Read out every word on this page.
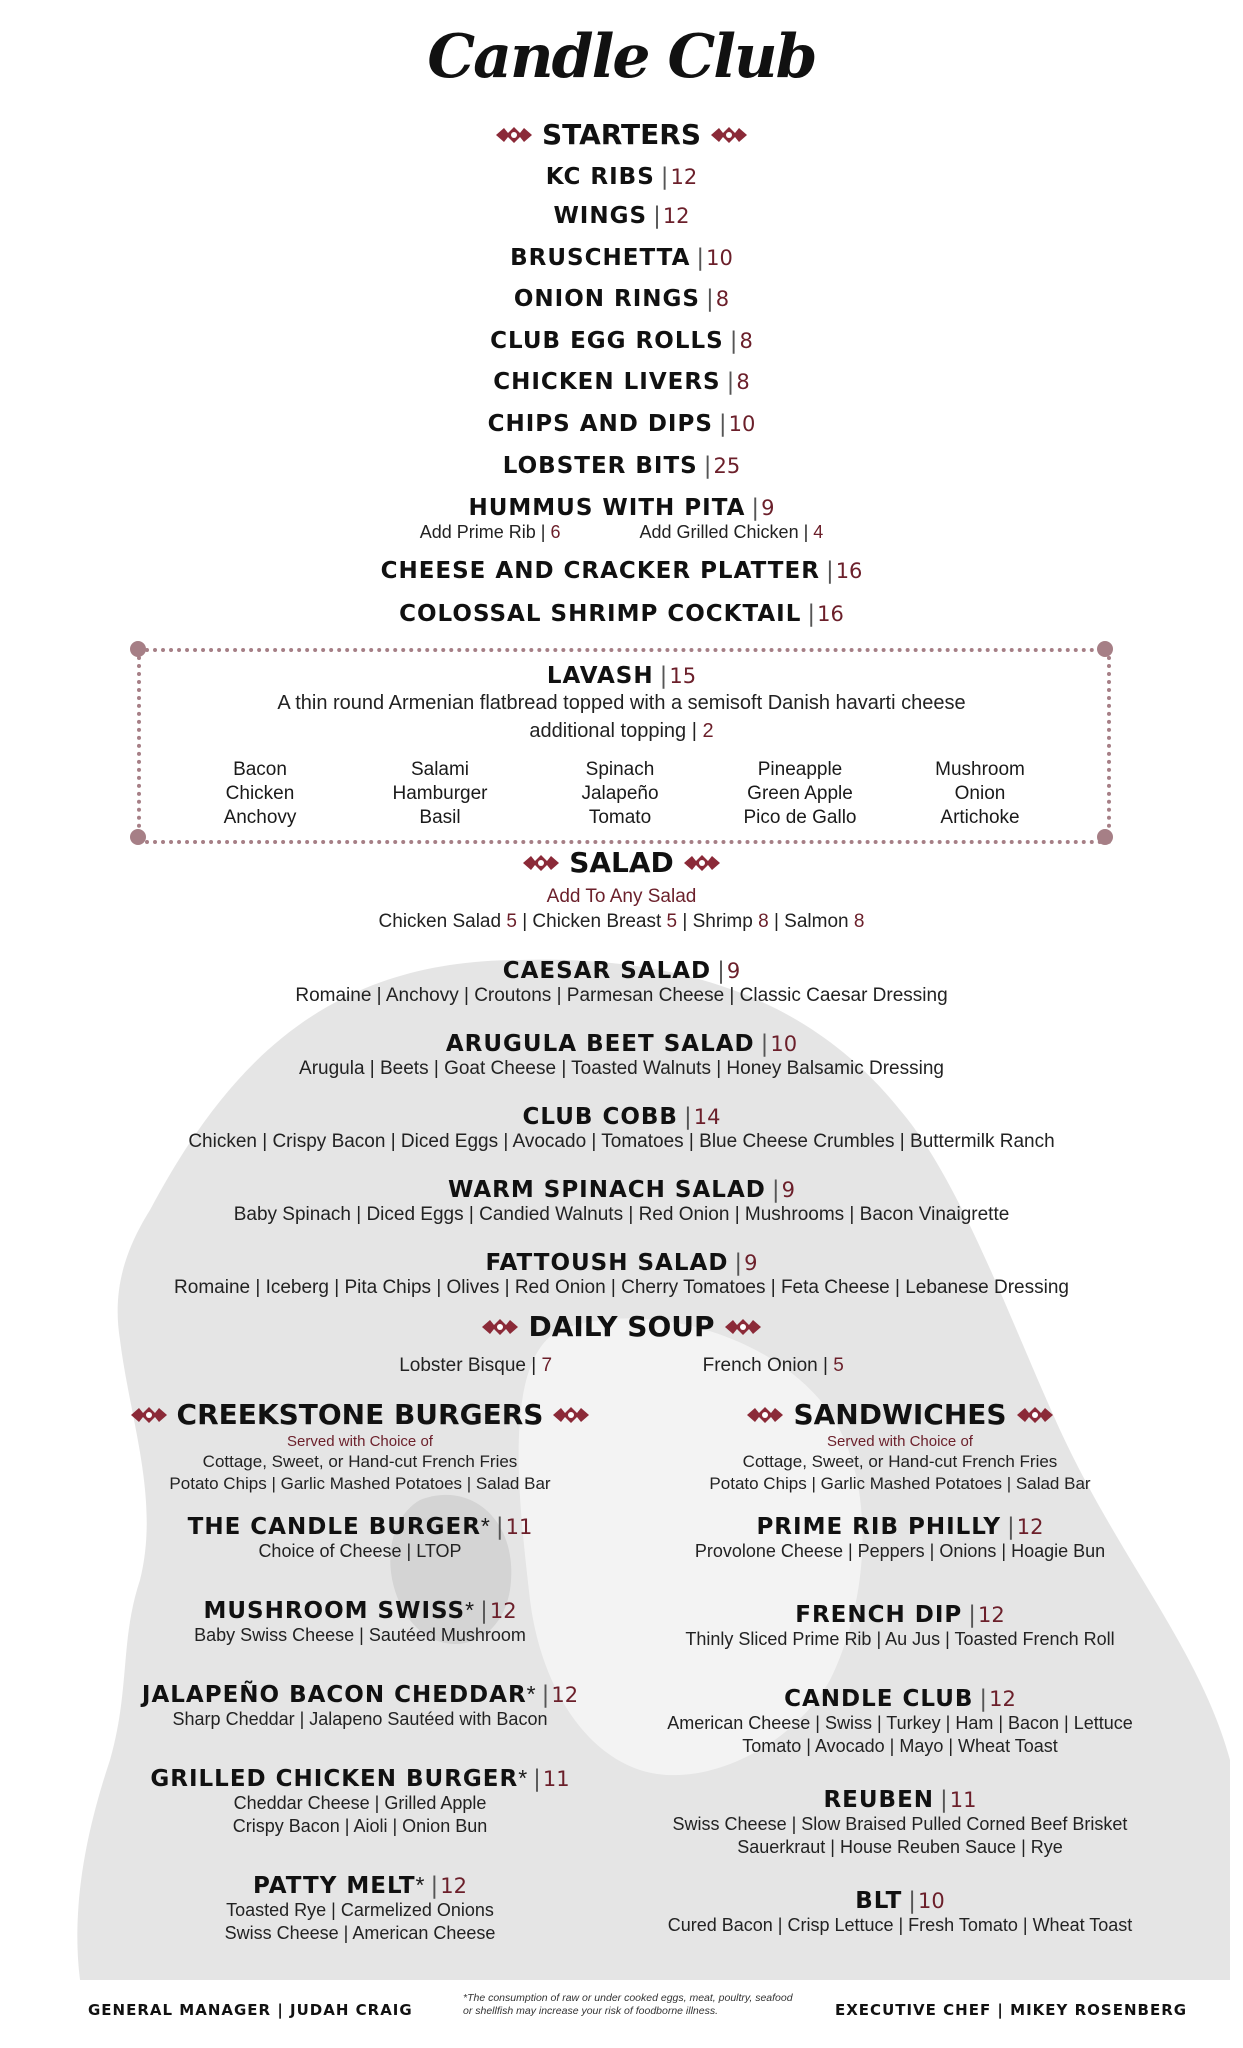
Candle Club
STARTERS
KC RIBS |12
WINGS |12
BRUSCHETTA |10
ONION RINGS |8
CLUB EGG ROLLS |8
CHICKEN LIVERS |8
CHIPS AND DIPS |10
LOBSTER BITS |25
HUMMUS WITH PITA |9
Add Prime Rib | 6	Add Grilled Chicken | 4
CHEESE AND CRACKER PLATTER |16
COLOSSAL SHRIMP COCKTAIL |16
LAVASH |15
A thin round Armenian flatbread topped with a semisoft Danish havarti cheese
additional topping | 2
Bacon	Salami	Spinach	Pineapple	Mushroom
Chicken	Hamburger	Jalapeño	Green Apple	Onion
Anchovy	Basil	Tomato	Pico de Gallo	Artichoke
SALAD
Add To Any Salad
Chicken Salad 5 | Chicken Breast 5 | Shrimp 8 | Salmon 8
CAESAR SALAD |9
Romaine | Anchovy | Croutons | Parmesan Cheese | Classic Caesar Dressing
ARUGULA BEET SALAD |10
Arugula | Beets | Goat Cheese | Toasted Walnuts | Honey Balsamic Dressing
CLUB COBB |14
Chicken | Crispy Bacon | Diced Eggs | Avocado | Tomatoes | Blue Cheese Crumbles | Buttermilk Ranch
WARM SPINACH SALAD |9
Baby Spinach | Diced Eggs | Candied Walnuts | Red Onion | Mushrooms | Bacon Vinaigrette
FATTOUSH SALAD |9
Romaine | Iceberg | Pita Chips | Olives | Red Onion | Cherry Tomatoes | Feta Cheese | Lebanese Dressing
DAILY SOUP
Lobster Bisque | 7	French Onion | 5
CREEKSTONE BURGERS
Served with Choice of
Cottage, Sweet, or Hand-cut French Fries
Potato Chips | Garlic Mashed Potatoes | Salad Bar
THE CANDLE BURGER* |11
Choice of Cheese | LTOP
MUSHROOM SWISS* |12
Baby Swiss Cheese | Sautéed Mushroom
JALAPEÑO BACON CHEDDAR* |12
Sharp Cheddar | Jalapeno Sautéed with Bacon
GRILLED CHICKEN BURGER* |11
Cheddar Cheese | Grilled Apple
Crispy Bacon | Aioli | Onion Bun
PATTY MELT* |12
Toasted Rye | Carmelized Onions
Swiss Cheese | American Cheese
SANDWICHES
Served with Choice of
Cottage, Sweet, or Hand-cut French Fries
Potato Chips | Garlic Mashed Potatoes | Salad Bar
PRIME RIB PHILLY |12
Provolone Cheese | Peppers | Onions | Hoagie Bun
FRENCH DIP |12
Thinly Sliced Prime Rib | Au Jus | Toasted French Roll
CANDLE CLUB |12
American Cheese | Swiss | Turkey | Ham | Bacon | Lettuce
Tomato | Avocado | Mayo | Wheat Toast
REUBEN |11
Swiss Cheese | Slow Braised Pulled Corned Beef Brisket
Sauerkraut | House Reuben Sauce | Rye
BLT |10
Cured Bacon | Crisp Lettuce | Fresh Tomato | Wheat Toast
GENERAL MANAGER | JUDAH CRAIG
*The consumption of raw or under cooked eggs, meat, poultry, seafood or shellfish may increase your risk of foodborne illness.	EXECUTIVE CHEF | MIKEY ROSENBERG
